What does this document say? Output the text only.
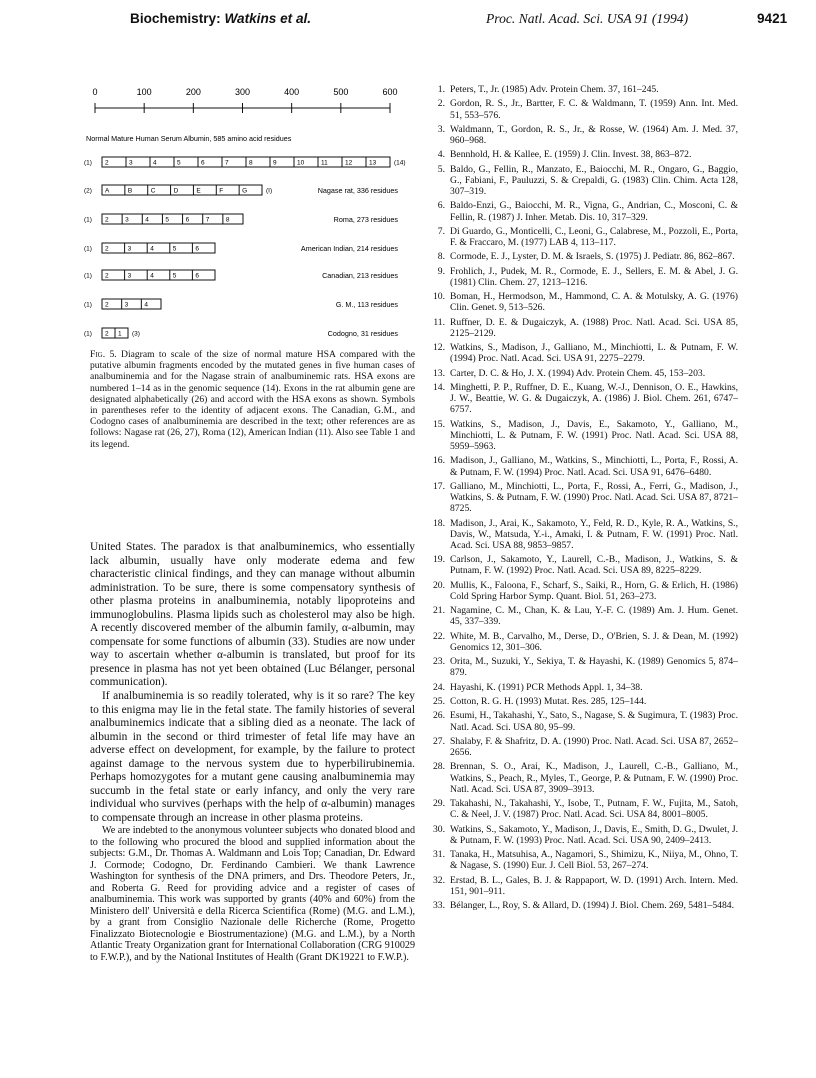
Biochemistry: Watkins et al.	Proc. Natl. Acad. Sci. USA 91 (1994)	9421
0	100	200	300	400	500	600
Normal Mature Human Serum Albumin, 585 amino acid residues
(1) 2	3	4	5	6	7	8	9	10	11	12	13	(14)
(2) A	B	C	D	E	F	G	(I)	Nagase rat, 336 residues
(1) 2	3	4	5	6	7	8	Roma, 273 residues
(1) 2	3	4	5	6	American Indian, 214 residues
(1) 2	3	4	5	6	Canadian, 213 residues
(1) 2 3 4	G. M., 113 residues
(1) 2 1 (3)	Codogno, 31 residues
Fig. 5. Diagram to scale of the size of normal mature HSA compared with the putative albumin fragments encoded by the mutated genes in five human cases of analbuminemia and for the Nagase strain of analbuminemic rats. HSA exons are numbered 1–14 as in the genomic sequence (14). Exons in the rat albumin gene are designated alphabetically (26) and accord with the HSA exons as shown. Symbols in parentheses refer to the identity of adjacent exons. The Canadian, G.M., and Codogno cases of analbuminemia are described in the text; other references are as follows: Nagase rat (26, 27), Roma (12), American Indian (11). Also see Table 1 and its legend.

United States. The paradox is that analbuminemics, who essentially lack albumin, usually have only moderate edema and few characteristic clinical findings, and they can manage without albumin administration. To be sure, there is some compensatory synthesis of other plasma proteins in analbuminemia, notably lipoproteins and immunoglobulins. Plasma lipids such as cholesterol may also be high. A recently discovered member of the albumin family, α-albumin, may compensate for some functions of albumin (33). Studies are now under way to ascertain whether α-albumin is translated, but proof for its presence in plasma has not yet been obtained (Luc Bélanger, personal communication).

If analbuminemia is so readily tolerated, why is it so rare? The key to this enigma may lie in the fetal state. The family histories of several analbuminemics indicate that a sibling died as a neonate. The lack of albumin in the second or third trimester of fetal life may have an adverse effect on development, for example, by the failure to protect against damage to the nervous system due to hyperbilirubinemia. Perhaps homozygotes for a mutant gene causing analbuminemia may succumb in the fetal state or early infancy, and only the very rare individual who survives (perhaps with the help of α-albumin) manages to compensate through an increase in other plasma proteins.

We are indebted to the anonymous volunteer subjects who donated blood and to the following who procured the blood and supplied information about the subjects: G.M., Dr. Thomas A. Waldmann and Lois Top; Canadian, Dr. Edward J. Cormode; Codogno, Dr. Ferdinando Cambieri. We thank Lawrence Washington for synthesis of the DNA primers, and Drs. Theodore Peters, Jr., and Roberta G. Reed for providing advice and a register of cases of analbuminemia. This work was supported by grants (40% and 60%) from the Ministero dell' Università e della Ricerca Scientifica (Rome) (M.G. and L.M.), by a grant from Consiglio Nazionale delle Richerche (Rome, Progetto Finalizzato Biotecnologie e Biostrumentazione) (M.G. and L.M.), by a North Atlantic Treaty Organization grant for International Collaboration (CRG 910029 to F.W.P.), and by the National Institutes of Health (Grant DK19221 to F.W.P.).
1. Peters, T., Jr. (1985) Adv. Protein Chem. 37, 161–245.
2. Gordon, R. S., Jr., Bartter, F. C. & Waldmann, T. (1959) Ann. Int. Med. 51, 553–576.
3. Waldmann, T., Gordon, R. S., Jr., & Rosse, W. (1964) Am. J. Med. 37, 960–968.
4. Bennhold, H. & Kallee, E. (1959) J. Clin. Invest. 38, 863–872.
5. Baldo, G., Fellin, R., Manzato, E., Baiocchi, M. R., Ongaro, G., Baggio, G., Fabiani, F., Pauluzzi, S. & Crepaldi, G. (1983) Clin. Chim. Acta 128, 307–319.
6. Baldo-Enzi, G., Baiocchi, M. R., Vigna, G., Andrian, C., Mosconi, C. & Fellin, R. (1987) J. Inher. Metab. Dis. 10, 317–329.
7. Di Guardo, G., Monticelli, C., Leoni, G., Calabrese, M., Pozzoli, E., Porta, F. & Fraccaro, M. (1977) LAB 4, 113–117.
8. Cormode, E. J., Lyster, D. M. & Israels, S. (1975) J. Pediatr. 86, 862–867.
9. Frohlich, J., Pudek, M. R., Cormode, E. J., Sellers, E. M. & Abel, J. G. (1981) Clin. Chem. 27, 1213–1216.
10. Boman, H., Hermodson, M., Hammond, C. A. & Motulsky, A. G. (1976) Clin. Genet. 9, 513–526.
11. Ruffner, D. E. & Dugaiczyk, A. (1988) Proc. Natl. Acad. Sci. USA 85, 2125–2129.
12. Watkins, S., Madison, J., Galliano, M., Minchiotti, L. & Putnam, F. W. (1994) Proc. Natl. Acad. Sci. USA 91, 2275–2279.
13. Carter, D. C. & Ho, J. X. (1994) Adv. Protein Chem. 45, 153–203.
14. Minghetti, P. P., Ruffner, D. E., Kuang, W.-J., Dennison, O. E., Hawkins, J. W., Beattie, W. G. & Dugaiczyk, A. (1986) J. Biol. Chem. 261, 6747–6757.
15. Watkins, S., Madison, J., Davis, E., Sakamoto, Y., Galliano, M., Minchiotti, L. & Putnam, F. W. (1991) Proc. Natl. Acad. Sci. USA 88, 5959–5963.
16. Madison, J., Galliano, M., Watkins, S., Minchiotti, L., Porta, F., Rossi, A. & Putnam, F. W. (1994) Proc. Natl. Acad. Sci. USA 91, 6476–6480.
17. Galliano, M., Minchiotti, L., Porta, F., Rossi, A., Ferri, G., Madison, J., Watkins, S. & Putnam, F. W. (1990) Proc. Natl. Acad. Sci. USA 87, 8721–8725.
18. Madison, J., Arai, K., Sakamoto, Y., Feld, R. D., Kyle, R. A., Watkins, S., Davis, W., Matsuda, Y.-i., Amaki, I. & Putnam, F. W. (1991) Proc. Natl. Acad. Sci. USA 88, 9853–9857.
19. Carlson, J., Sakamoto, Y., Laurell, C.-B., Madison, J., Watkins, S. & Putnam, F. W. (1992) Proc. Natl. Acad. Sci. USA 89, 8225–8229.
20. Mullis, K., Faloona, F., Scharf, S., Saiki, R., Horn, G. & Erlich, H. (1986) Cold Spring Harbor Symp. Quant. Biol. 51, 263–273.
21. Nagamine, C. M., Chan, K. & Lau, Y.-F. C. (1989) Am. J. Hum. Genet. 45, 337–339.
22. White, M. B., Carvalho, M., Derse, D., O'Brien, S. J. & Dean, M. (1992) Genomics 12, 301–306.
23. Orita, M., Suzuki, Y., Sekiya, T. & Hayashi, K. (1989) Genomics 5, 874–879.
24. Hayashi, K. (1991) PCR Methods Appl. 1, 34–38.
25. Cotton, R. G. H. (1993) Mutat. Res. 285, 125–144.
26. Esumi, H., Takahashi, Y., Sato, S., Nagase, S. & Sugimura, T. (1983) Proc. Natl. Acad. Sci. USA 80, 95–99.
27. Shalaby, F. & Shafritz, D. A. (1990) Proc. Natl. Acad. Sci. USA 87, 2652–2656.
28. Brennan, S. O., Arai, K., Madison, J., Laurell, C.-B., Galliano, M., Watkins, S., Peach, R., Myles, T., George, P. & Putnam, F. W. (1990) Proc. Natl. Acad. Sci. USA 87, 3909–3913.
29. Takahashi, N., Takahashi, Y., Isobe, T., Putnam, F. W., Fujita, M., Satoh, C. & Neel, J. V. (1987) Proc. Natl. Acad. Sci. USA 84, 8001–8005.
30. Watkins, S., Sakamoto, Y., Madison, J., Davis, E., Smith, D. G., Dwulet, J. & Putnam, F. W. (1993) Proc. Natl. Acad. Sci. USA 90, 2409–2413.
31. Tanaka, H., Matsuhisa, A., Nagamori, S., Shimizu, K., Niiya, M., Ohno, T. & Nagase, S. (1990) Eur. J. Cell Biol. 53, 267–274.
32. Erstad, B. L., Gales, B. J. & Rappaport, W. D. (1991) Arch. Intern. Med. 151, 901–911.
33. Bélanger, L., Roy, S. & Allard, D. (1994) J. Biol. Chem. 269, 5481–5484.
